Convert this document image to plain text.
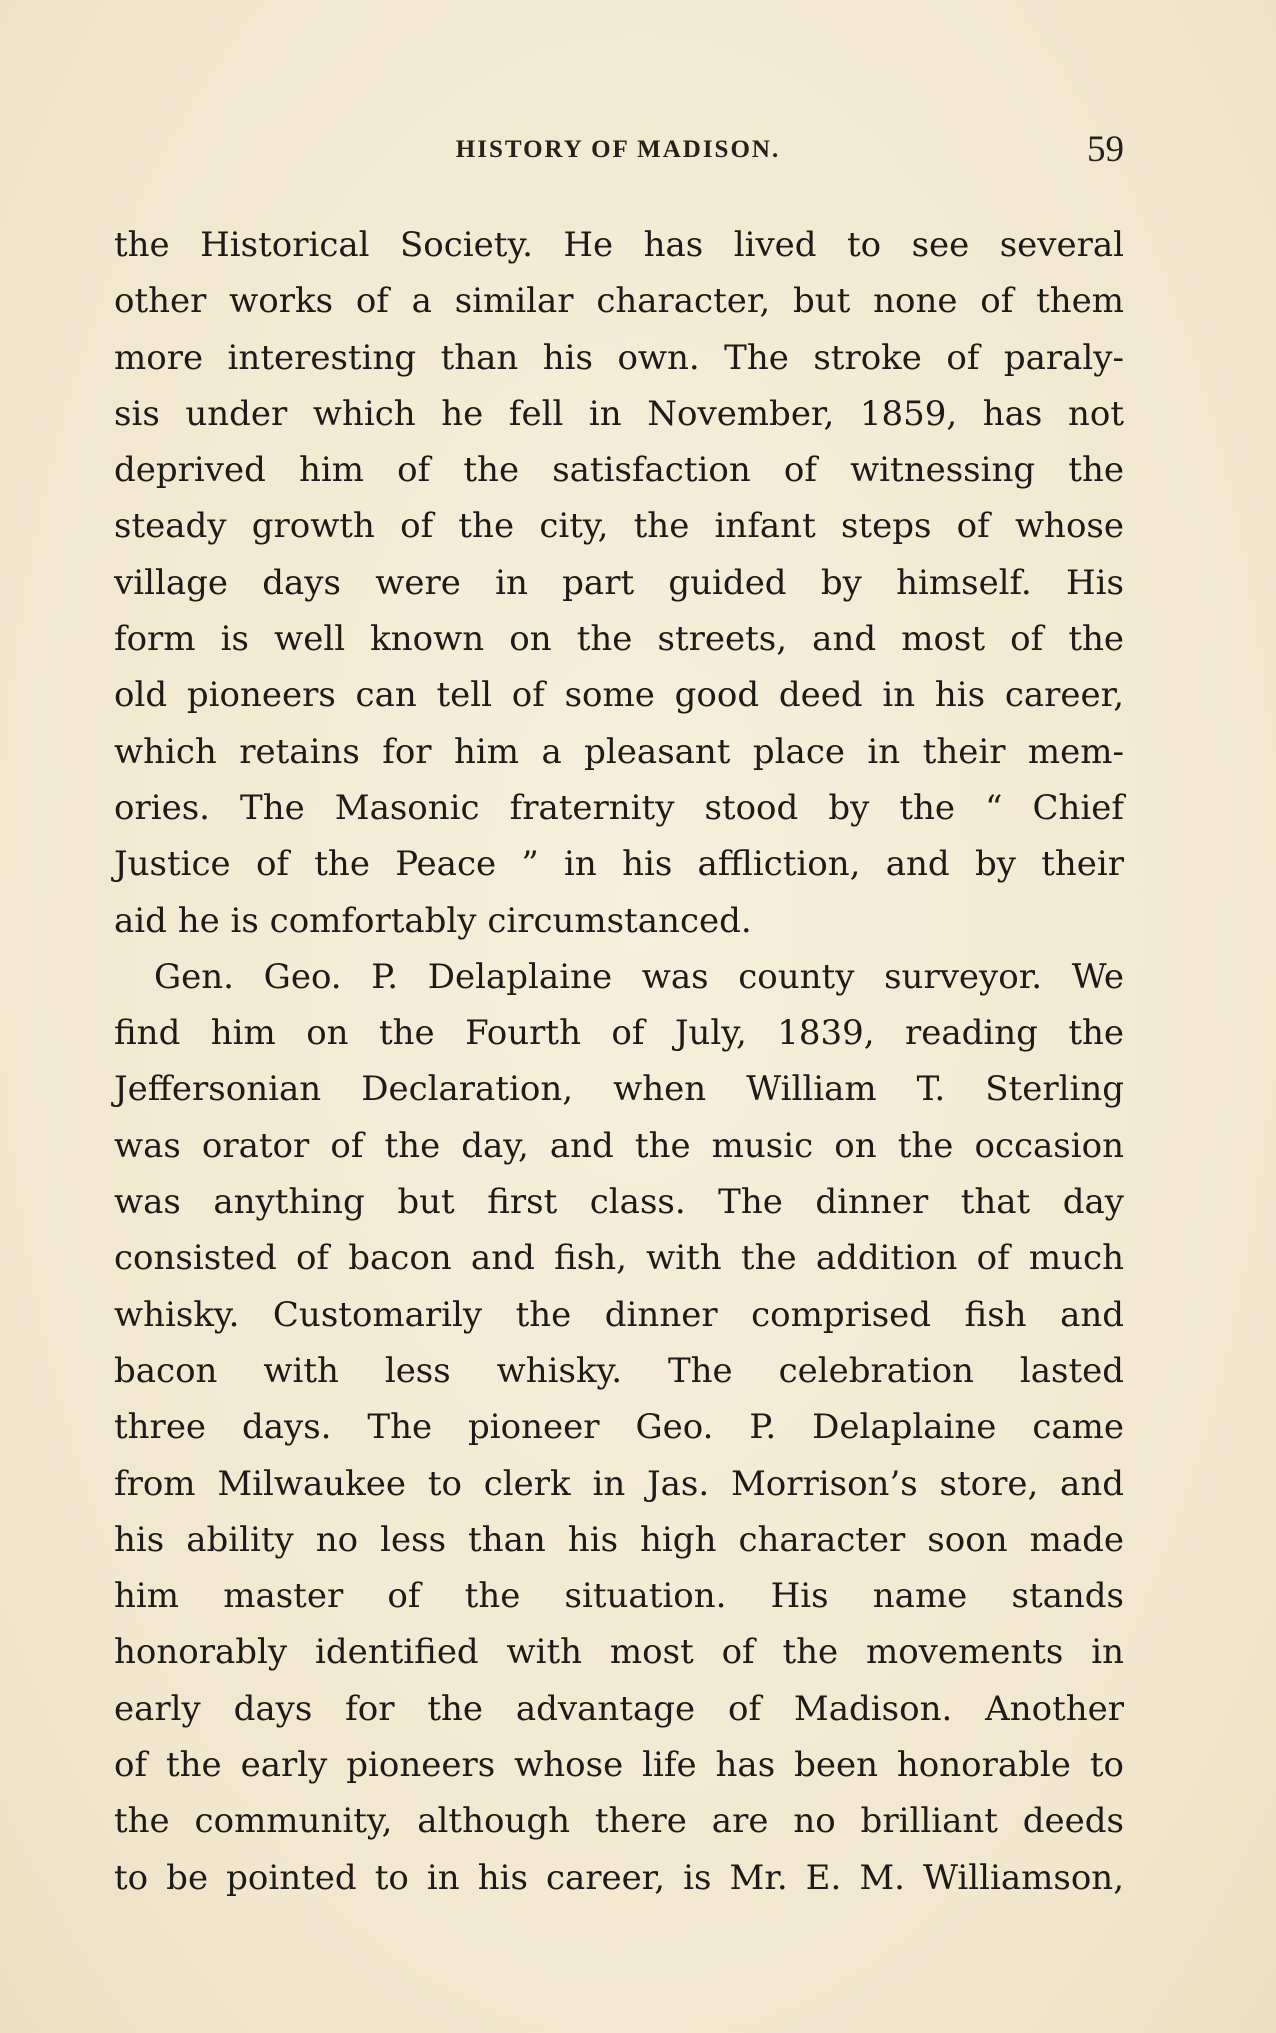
HISTORY OF MADISON.	59
the Historical Society. He has lived to see several
other works of a similar character, but none of them
more interesting than his own. The stroke of paraly-
sis under which he fell in November, 1859, has not
deprived him of the satisfaction of witnessing the
steady growth of the city, the infant steps of whose
village days were in part guided by himself. His
form is well known on the streets, and most of the
old pioneers can tell of some good deed in his career,
which retains for him a pleasant place in their mem-
ories. The Masonic fraternity stood by the “ Chief
Justice of the Peace ” in his affliction, and by their
aid he is comfortably circumstanced.
Gen. Geo. P. Delaplaine was county surveyor. We
find him on the Fourth of July, 1839, reading the
Jeffersonian Declaration, when William T. Sterling
was orator of the day, and the music on the occasion
was anything but first class. The dinner that day
consisted of bacon and fish, with the addition of much
whisky. Customarily the dinner comprised fish and
bacon with less whisky. The celebration lasted
three days. The pioneer Geo. P. Delaplaine came
from Milwaukee to clerk in Jas. Morrison’s store, and
his ability no less than his high character soon made
him master of the situation. His name stands
honorably identified with most of the movements in
early days for the advantage of Madison. Another
of the early pioneers whose life has been honorable to
the community, although there are no brilliant deeds
to be pointed to in his career, is Mr. E. M. Williamson,
